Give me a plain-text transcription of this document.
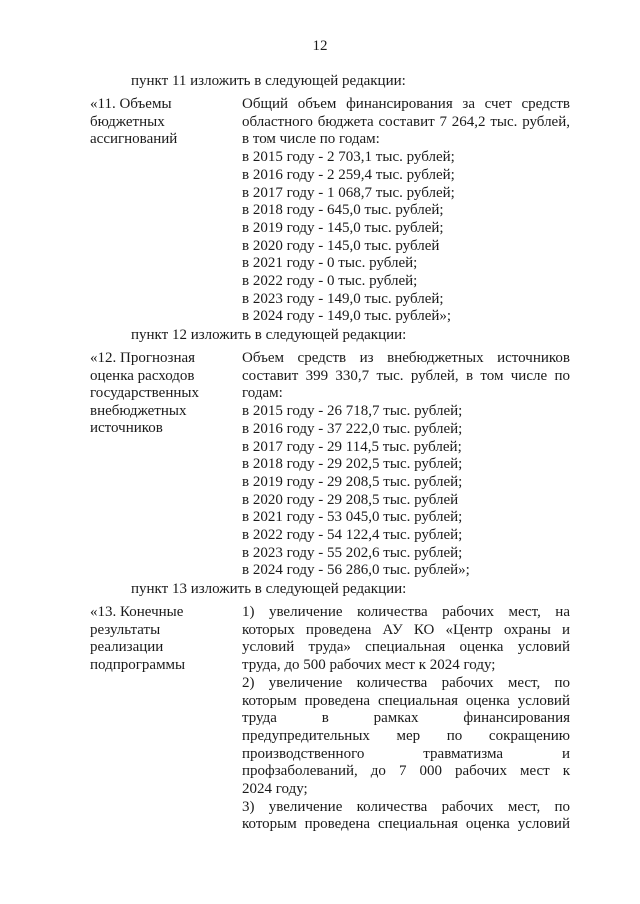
12
пункт 11 изложить в следующей редакции:
«11. Объемы
бюджетных
ассигнований
Общий объем финансирования за счет средств
областного бюджета составит 7 264,2 тыс. рублей,
в том числе по годам:
в 2015 году - 2 703,1 тыс. рублей;
в 2016 году - 2 259,4 тыс. рублей;
в 2017 году - 1 068,7 тыс. рублей;
в 2018 году - 645,0 тыс. рублей;
в 2019 году - 145,0 тыс. рублей;
в 2020 году - 145,0 тыс. рублей
в 2021 году - 0 тыс. рублей;
в 2022 году - 0 тыс. рублей;
в 2023 году - 149,0 тыс. рублей;
в 2024 году - 149,0 тыс. рублей»;
пункт 12 изложить в следующей редакции:
«12. Прогнозная
оценка расходов
государственных
внебюджетных
источников
Объем средств из внебюджетных источников
составит 399 330,7 тыс. рублей, в том числе по
годам:
в 2015 году - 26 718,7 тыс. рублей;
в 2016 году - 37 222,0 тыс. рублей;
в 2017 году - 29 114,5 тыс. рублей;
в 2018 году - 29 202,5 тыс. рублей;
в 2019 году - 29 208,5 тыс. рублей;
в 2020 году - 29 208,5 тыс. рублей
в 2021 году - 53 045,0 тыс. рублей;
в 2022 году - 54 122,4 тыс. рублей;
в 2023 году - 55 202,6 тыс. рублей;
в 2024 году - 56 286,0 тыс. рублей»;
пункт 13 изложить в следующей редакции:
«13. Конечные
результаты
реализации
подпрограммы
1) увеличение количества рабочих мест, на
которых проведена АУ КО «Центр охраны и
условий труда» специальная оценка условий
труда, до 500 рабочих мест к 2024 году;
2) увеличение количества рабочих мест, по
которым проведена специальная оценка условий
труда в рамках финансирования
предупредительных мер по сокращению
производственного травматизма и
профзаболеваний, до 7 000 рабочих мест к
2024 году;
3) увеличение количества рабочих мест, по
которым проведена специальная оценка условий
